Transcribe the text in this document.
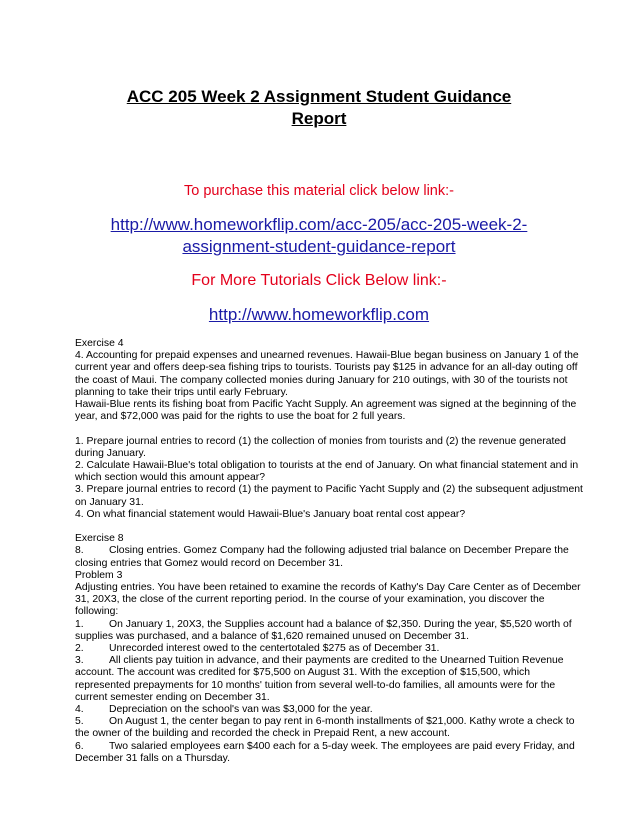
ACC 205 Week 2 Assignment Student Guidance
Report
To purchase this material click below link:-
http://www.homeworkflip.com/acc-205/acc-205-week-2-
assignment-student-guidance-report
For More Tutorials Click Below link:-
http://www.homeworkflip.com

Exercise 4

4. Accounting for prepaid expenses and unearned revenues. Hawaii-Blue began business on January 1 of the

current year and offers deep-sea fishing trips to tourists. Tourists pay $125 in advance for an all-day outing off

the coast of Maui. The company collected monies during January for 210 outings, with 30 of the tourists not

planning to take their trips until early February.

Hawaii-Blue rents its fishing boat from Pacific Yacht Supply. An agreement was signed at the beginning of the

year, and $72,000 was paid for the rights to use the boat for 2 full years.

1. Prepare journal entries to record (1) the collection of monies from tourists and (2) the revenue generated

during January.

2. Calculate Hawaii-Blue's total obligation to tourists at the end of January. On what financial statement and in

which section would this amount appear?

3. Prepare journal entries to record (1) the payment to Pacific Yacht Supply and (2) the subsequent adjustment

on January 31.

4. On what financial statement would Hawaii-Blue's January boat rental cost appear?

Exercise 8

8. Closing entries. Gomez Company had the following adjusted trial balance on December Prepare the

closing entries that Gomez would record on December 31.

Problem 3

Adjusting entries. You have been retained to examine the records of Kathy's Day Care Center as of December

31, 20X3, the close of the current reporting period. In the course of your examination, you discover the

following:

1. On January 1, 20X3, the Supplies account had a balance of $2,350. During the year, $5,520 worth of

supplies was purchased, and a balance of $1,620 remained unused on December 31.

2. Unrecorded interest owed to the centertotaled $275 as of December 31.

3. All clients pay tuition in advance, and their payments are credited to the Unearned Tuition Revenue

account. The account was credited for $75,500 on August 31. With the exception of $15,500, which

represented prepayments for 10 months' tuition from several well-to-do families, all amounts were for the

current semester ending on December 31.

4. Depreciation on the school's van was $3,000 for the year.

5. On August 1, the center began to pay rent in 6-month installments of $21,000. Kathy wrote a check to

the owner of the building and recorded the check in Prepaid Rent, a new account.

6. Two salaried employees earn $400 each for a 5-day week. The employees are paid every Friday, and

December 31 falls on a Thursday.
